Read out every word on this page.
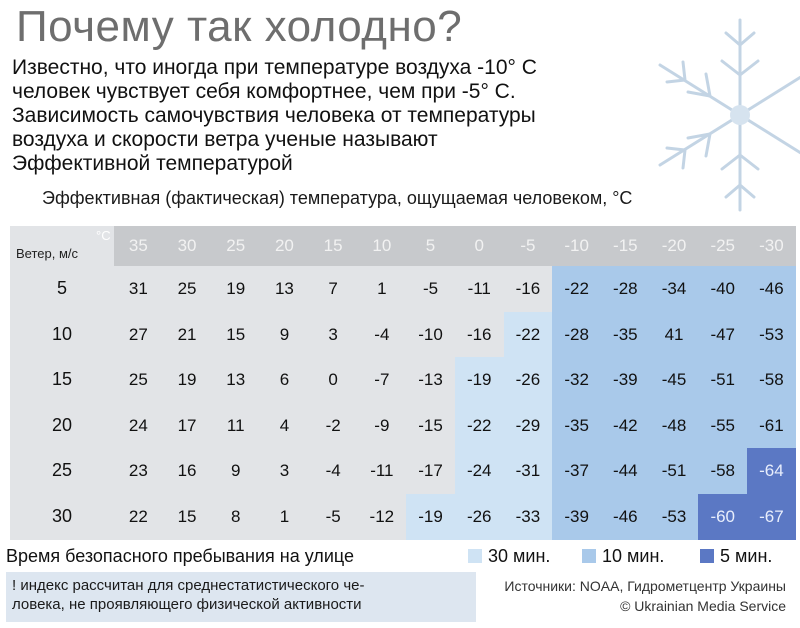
Почему так холодно?
Известно, что иногда при температуре воздуха -10° С
человек чувствует себя комфортнее, чем при -5° С.
Зависимость самочувствия человека от температуры
воздуха и скорости ветра ученые называют
Эффективной температурой
Эффективная (фактическая) температура, ощущаемая человеком, °С
Ветер, м/с
°С
35	30	25	20	15	10	5	0	-5	-10	-15	-20	-25	-30
5	31	25	19	13	7	1	-5	-11	-16	-22	-28	-34	-40	-46
10	27	21	15	9	3	-4	-10	-16	-22	-28	-35	41	-47	-53
15	25	19	13	6	0	-7	-13	-19	-26	-32	-39	-45	-51	-58
20	24	17	11	4	-2	-9	-15	-22	-29	-35	-42	-48	-55	-61
25	23	16	9	3	-4	-11	-17	-24	-31	-37	-44	-51	-58	-64
30	22	15	8	1	-5	-12	-19	-26	-33	-39	-46	-53	-60	-67
Время безопасного пребывания на улице	30 мин.	10 мин.	5 мин.
! индекс рассчитан для среднестатистического че-
ловека, не проявляющего физической активности
Источники: NOAA, Гидрометцентр Украины
© Ukrainian Media Service
